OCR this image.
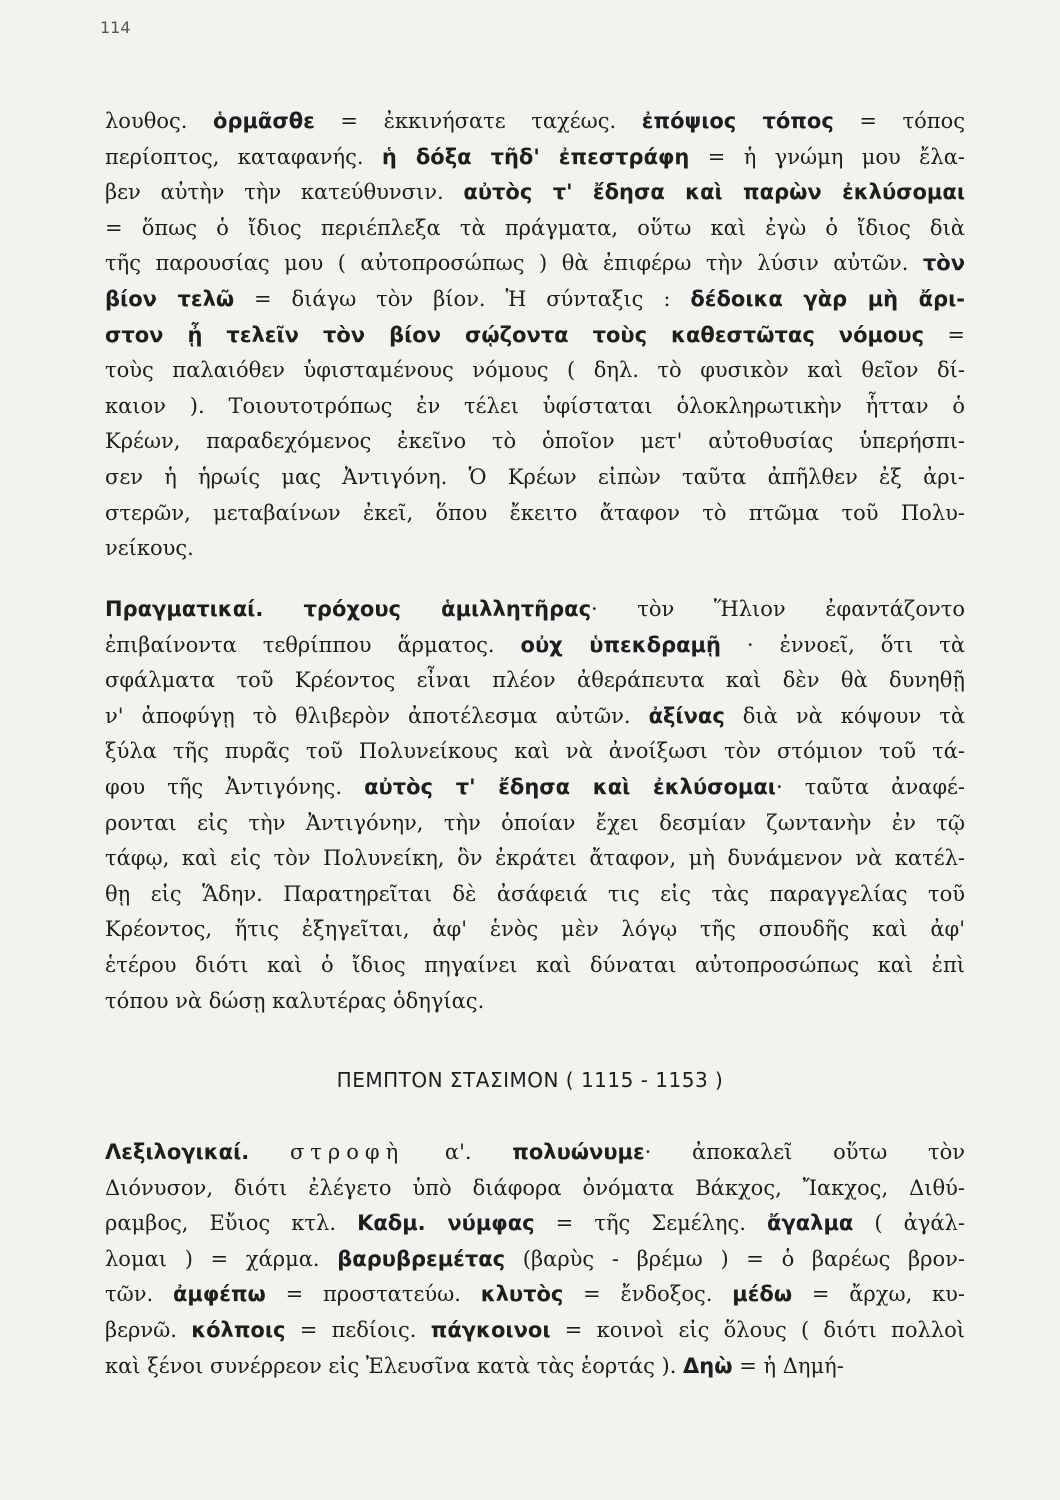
114
λουθος. ὁρμᾶσθε = ἐκκινήσατε ταχέως. ἐπόψιος τόπος = τόπος
περίοπτος, καταφανής. ἡ δόξα τῆδ' ἐπεστράφη = ἡ γνώμη μου ἔλα-
βεν αὐτὴν τὴν κατεύθυνσιν. αὐτὸς τ' ἔδησα καὶ παρὼν ἐκλύσομαι
= ὅπως ὁ ἴδιος περιέπλεξα τὰ πράγματα, οὕτω καὶ ἐγὼ ὁ ἴδιος διὰ
τῆς παρουσίας μου ( αὐτοπροσώπως ) θὰ ἐπιφέρω τὴν λύσιν αὐτῶν. τὸν
βίον τελῶ = διάγω τὸν βίον. Ἡ σύνταξις : δέδοικα γὰρ μὴ ἄρι-
στον ᾖ τελεῖν τὸν βίον σῴζοντα τοὺς καθεστῶτας νόμους =
τοὺς παλαιόθεν ὑφισταμένους νόμους ( δηλ. τὸ φυσικὸν καὶ θεῖον δί-
καιον ). Τοιουτοτρόπως ἐν τέλει ὑφίσταται ὁλοκληρωτικὴν ἧτταν ὁ
Κρέων, παραδεχόμενος ἐκεῖνο τὸ ὁποῖον μετ' αὐτοθυσίας ὑπερήσπι-
σεν ἡ ἡρωίς μας Ἀντιγόνη. Ὁ Κρέων εἰπὼν ταῦτα ἀπῆλθεν ἐξ ἀρι-
στερῶν, μεταβαίνων ἐκεῖ, ὅπου ἔκειτο ἄταφον τὸ πτῶμα τοῦ Πολυ-
νείκους.
Πραγματικαί. τρόχους ἁμιλλητῆρας· τὸν Ἥλιον ἐφαντάζοντο
ἐπιβαίνοντα τεθρίππου ἅρματος. οὐχ ὑπεκδραμῇ · ἐννοεῖ, ὅτι τὰ
σφάλματα τοῦ Κρέοντος εἶναι πλέον ἀθεράπευτα καὶ δὲν θὰ δυνηθῇ
ν' ἀποφύγῃ τὸ θλιβερὸν ἀποτέλεσμα αὐτῶν. ἀξίνας διὰ νὰ κόψουν τὰ
ξύλα τῆς πυρᾶς τοῦ Πολυνείκους καὶ νὰ ἀνοίξωσι τὸν στόμιον τοῦ τά-
φου τῆς Ἀντιγόνης. αὐτὸς τ' ἔδησα καὶ ἐκλύσομαι· ταῦτα ἀναφέ-
ρονται εἰς τὴν Ἀντιγόνην, τὴν ὁποίαν ἔχει δεσμίαν ζωντανὴν ἐν τῷ
τάφῳ, καὶ εἰς τὸν Πολυνείκη, ὃν ἐκράτει ἄταφον, μὴ δυνάμενον νὰ κατέλ-
θῃ εἰς Ἅδην. Παρατηρεῖται δὲ ἀσάφειά τις εἰς τὰς παραγγελίας τοῦ
Κρέοντος, ἥτις ἐξηγεῖται, ἀφ' ἑνὸς μὲν λόγῳ τῆς σπουδῆς καὶ ἀφ'
ἑτέρου διότι καὶ ὁ ἴδιος πηγαίνει καὶ δύναται αὐτοπροσώπως καὶ ἐπὶ
τόπου νὰ δώσῃ καλυτέρας ὁδηγίας.
ΠΕΜΠΤΟΝ ΣΤΑΣΙΜΟΝ ( 1115 - 1153 )
Λεξιλογικαί. στροφὴ α'. πολυώνυμε· ἀποκαλεῖ οὕτω τὸν
Διόνυσον, διότι ἐλέγετο ὑπὸ διάφορα ὀνόματα Βάκχος, Ἴακχος, Διθύ-
ραμβος, Εὔιος κτλ. Καδμ. νύμφας = τῆς Σεμέλης. ἄγαλμα ( ἀγάλ-
λομαι ) = χάρμα. βαρυβρεμέτας (βαρὺς - βρέμω ) = ὁ βαρέως βρον-
τῶν. ἀμφέπω = προστατεύω. κλυτὸς = ἔνδοξος. μέδω = ἄρχω, κυ-
βερνῶ. κόλποις = πεδίοις. πάγκοινοι = κοινοὶ εἰς ὅλους ( διότι πολλοὶ
καὶ ξένοι συνέρρεον εἰς Ἐλευσῖνα κατὰ τὰς ἑορτάς ). Δηὼ = ἡ Δημή-
